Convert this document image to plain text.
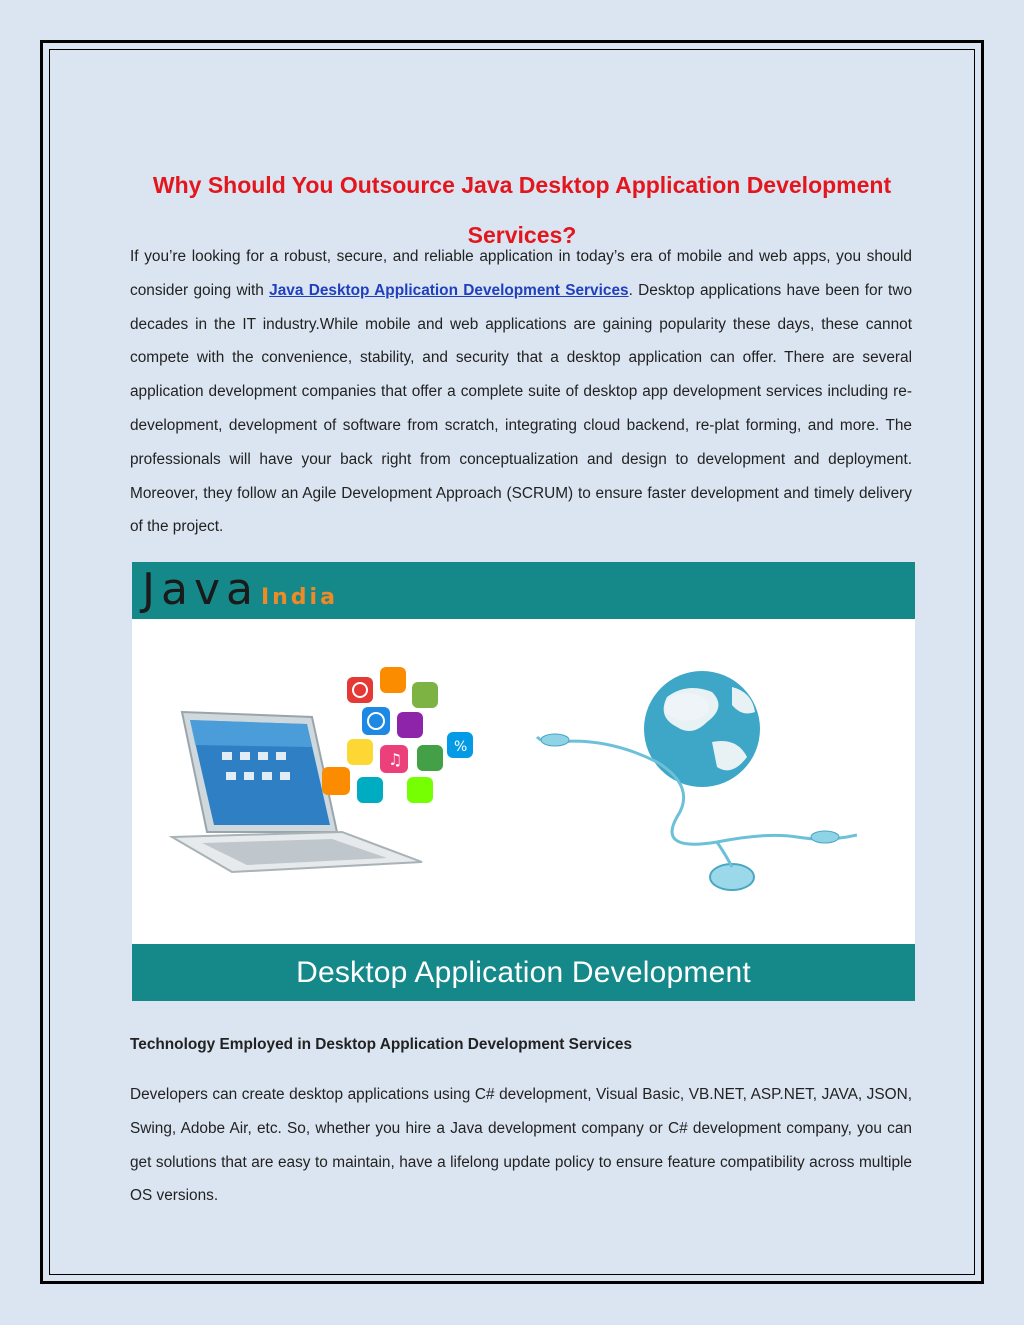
Why Should You Outsource Java Desktop Application Development Services?

If you’re looking for a robust, secure, and reliable application in today’s era of mobile and web apps, you should consider going with Java Desktop Application Development Services. Desktop applications have been for two decades in the IT industry.While mobile and web applications are gaining popularity these days, these cannot compete with the convenience, stability, and security that a desktop application can offer. There are several application development companies that offer a complete suite of desktop app development services including re-development, development of software from scratch, integrating cloud backend, re-plat forming, and more. The professionals will have your back right from conceptualization and design to development and deployment. Moreover, they follow an Agile Development Approach (SCRUM) to ensure faster development and timely delivery of the project.

JavaIndia
%
♫
Desktop Application Development
Technology Employed in Desktop Application Development Services

Developers can create desktop applications using C# development, Visual Basic, VB.NET, ASP.NET, JAVA, JSON, Swing, Adobe Air, etc. So, whether you hire a Java development company or C# development company, you can get solutions that are easy to maintain, have a lifelong update policy to ensure feature compatibility across multiple OS versions.
